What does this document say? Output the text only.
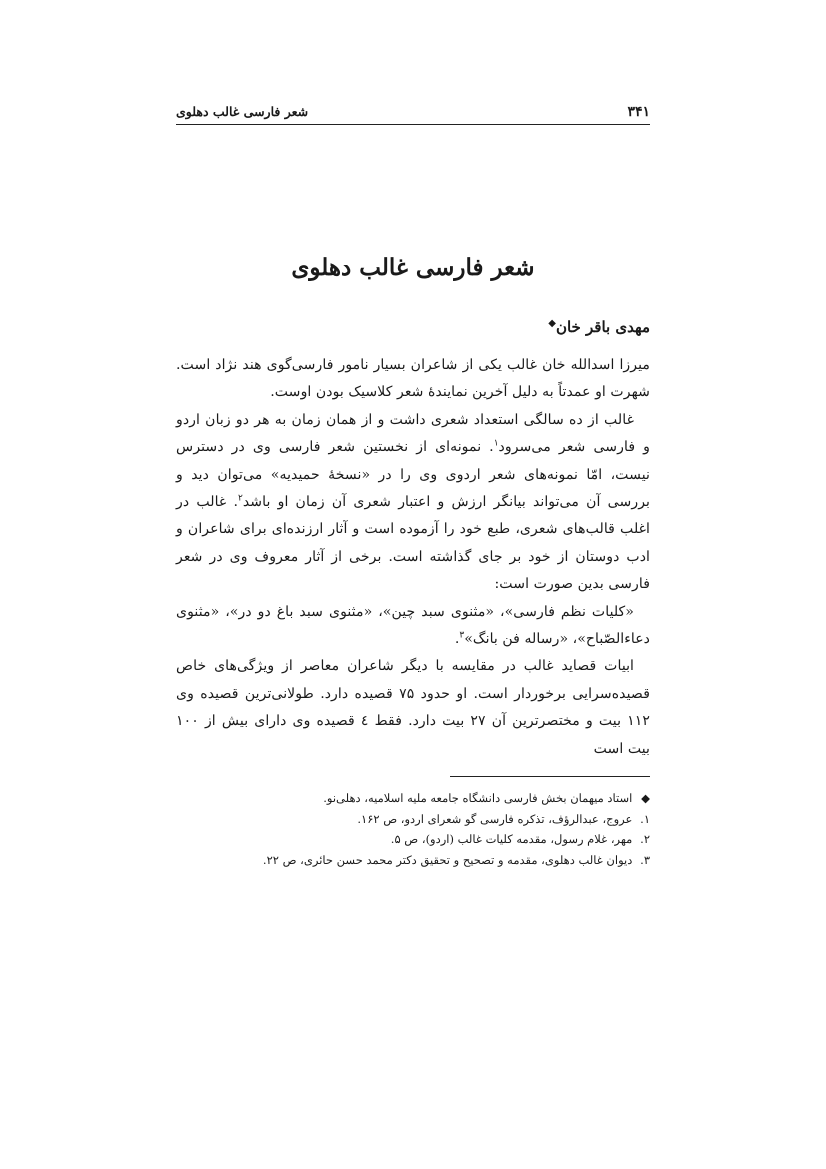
۳۴۱
شعر فارسی غالب دهلوی
شعر فارسی غالب دهلوی
مهدی باقر خان◆

میرزا اسدالله خان غالب یکی از شاعران بسیار نامور فارسی‌گوی هند نژاد است. شهرت او عمدتاً به دلیل آخرین نمایندهٔ شعر کلاسیک بودن اوست.

غالب از ده سالگی استعداد شعری داشت و از همان زمان به هر دو زبان اردو و فارسی شعر می‌سرود$^۱$. نمونه‌ای از نخستین شعر فارسی وی در دسترس نیست، امّا نمونه‌های شعر اردوی وی را در «نسخهٔ حمیدیه» می‌توان دید و بررسی آن می‌تواند بیانگر ارزش و اعتبار شعری آن زمان او باشد$^۲$. غالب در اغلب قالب‌های شعری، طبع خود را آزموده است و آثار ارزنده‌ای برای شاعران و ادب دوستان از خود بر جای گذاشته است. برخی از آثار معروف وی در شعر فارسی بدین صورت است:

«کلیات نظم فارسی»، «مثنوی سبد چین»، «مثنوی سبد باغ دو در»، «مثنوی دعاءالصّباح»، «رساله فن بانگ»$^۳$.

ابیات قصاید غالب در مقایسه با دیگر شاعران معاصر از ویژگی‌های خاص قصیده‌سرایی برخوردار است. او حدود ۷۵ قصیده دارد. طولانی‌ترین قصیده وی ۱۱۲ بیت و مختصرترین آن ۲۷ بیت دارد. فقط ٤ قصیده وی دارای بیش از ۱۰۰ بیت است

◆ استاد میهمان بخش فارسی دانشگاه جامعه ملیه اسلامیه، دهلی‌نو.
۱. عروج، عبدالرؤف، تذکره فارسی گو شعرای اردو، ص ۱۶۲.
۲. مهر، غلام رسول، مقدمه کلیات غالب (اردو)، ص ۵.
۳. دیوان غالب دهلوی، مقدمه و تصحیح و تحقیق دکتر محمد حسن حائری، ص ۲۲.
